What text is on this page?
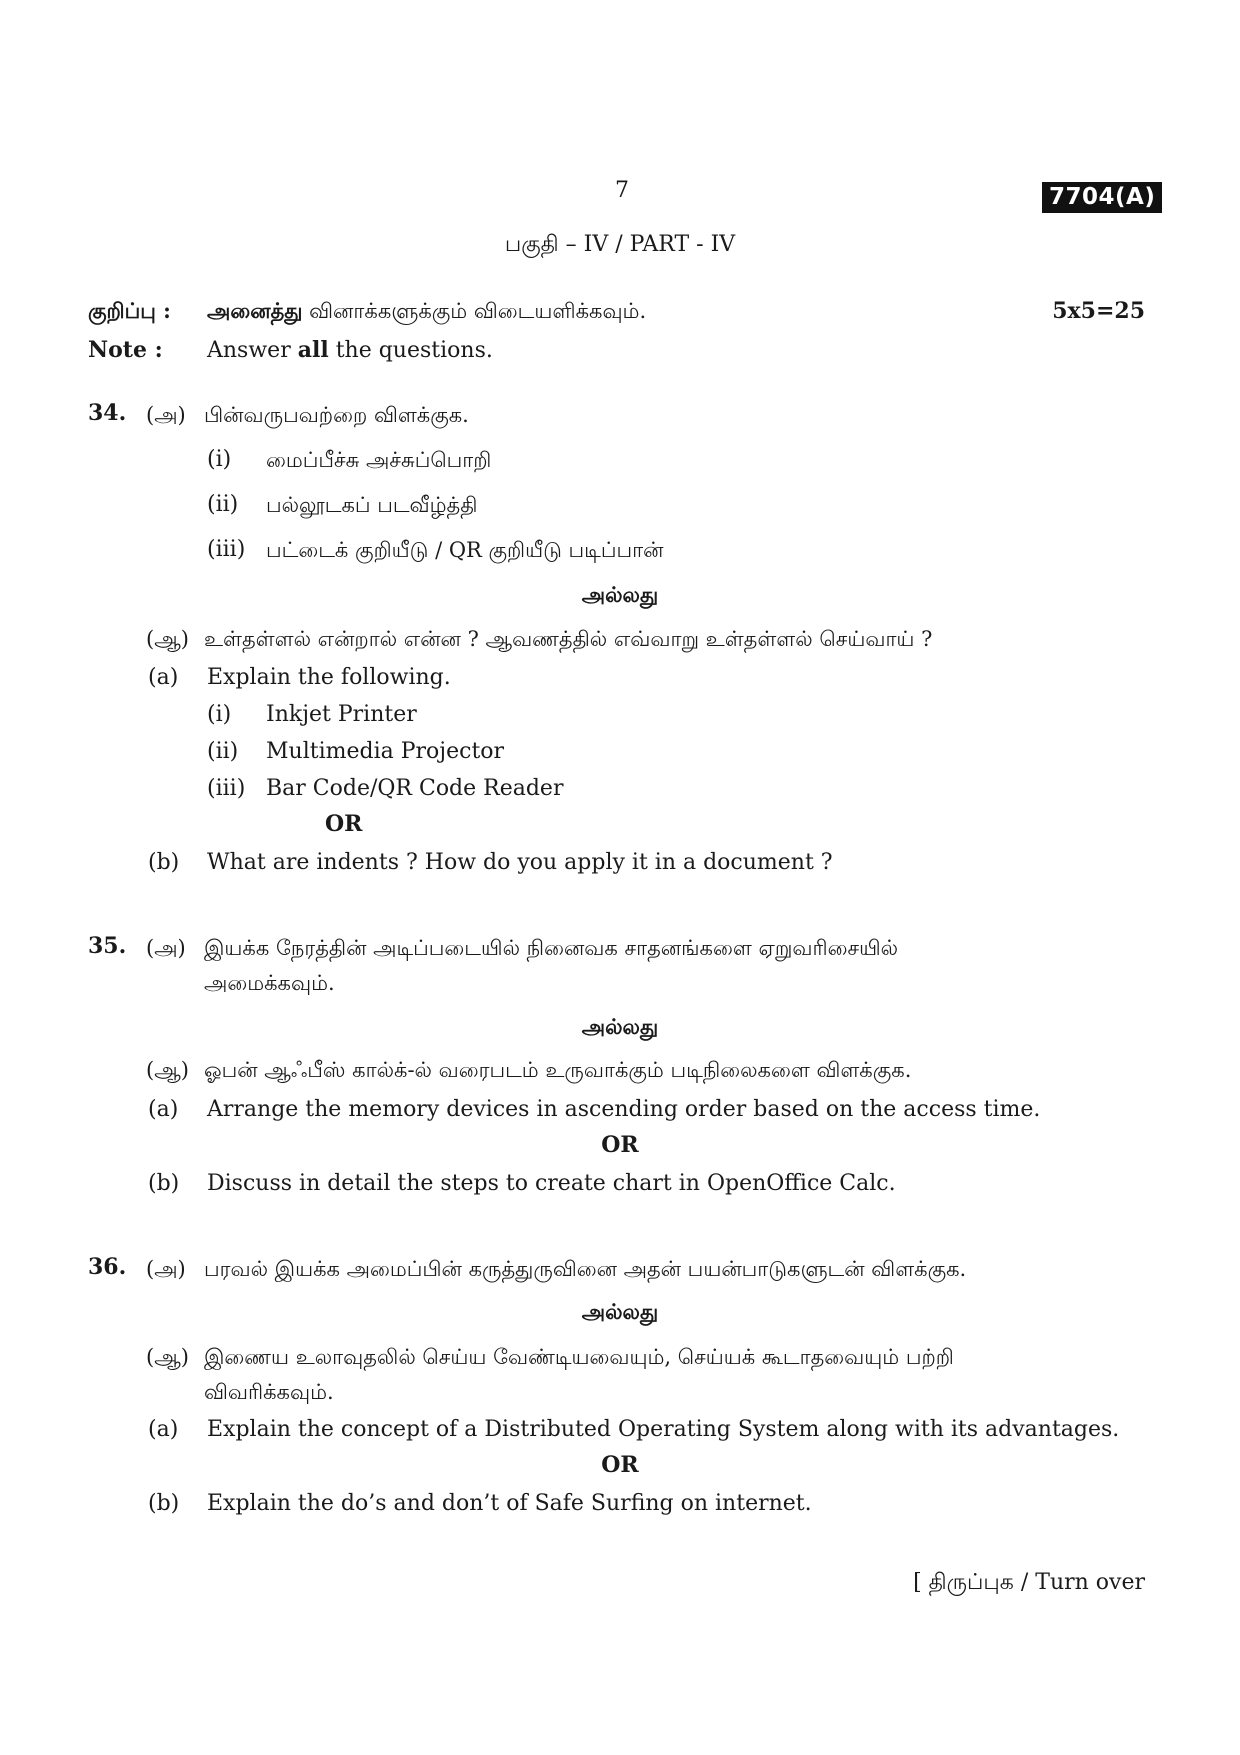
7	7704(A)
பகுதி – IV / PART - IV
குறிப்பு : அனைத்து வினாக்களுக்கும் விடையளிக்கவும்.	5x5=25
Note : Answer all the questions.
34. (அ) பின்வருபவற்றை விளக்குக.
(i) மைப்பீச்சு அச்சுப்பொறி
(ii) பல்லூடகப் படவீழ்த்தி
(iii) பட்டைக் குறியீடு / QR குறியீடு படிப்பான்
அல்லது
(ஆ) உள்தள்ளல் என்றால் என்ன ? ஆவணத்தில் எவ்வாறு உள்தள்ளல் செய்வாய் ?
(a) Explain the following.
(i) Inkjet Printer
(ii) Multimedia Projector
(iii) Bar Code/QR Code Reader
OR
(b) What are indents ? How do you apply it in a document ?
35. (அ) இயக்க நேரத்தின் அடிப்படையில் நினைவக சாதனங்களை ஏறுவரிசையில்
அமைக்கவும்.
அல்லது
(ஆ) ஓபன் ஆஃபீஸ் கால்க்-ல் வரைபடம் உருவாக்கும் படிநிலைகளை விளக்குக.
(a) Arrange the memory devices in ascending order based on the access time.
OR
(b) Discuss in detail the steps to create chart in OpenOffice Calc.
36. (அ) பரவல் இயக்க அமைப்பின் கருத்துருவினை அதன் பயன்பாடுகளுடன் விளக்குக.
அல்லது
(ஆ) இணைய உலாவுதலில் செய்ய வேண்டியவையும், செய்யக் கூடாதவையும் பற்றி
விவரிக்கவும்.
(a) Explain the concept of a Distributed Operating System along with its advantages.
OR
(b) Explain the do’s and don’t of Safe Surfing on internet.
[ திருப்புக / Turn over
